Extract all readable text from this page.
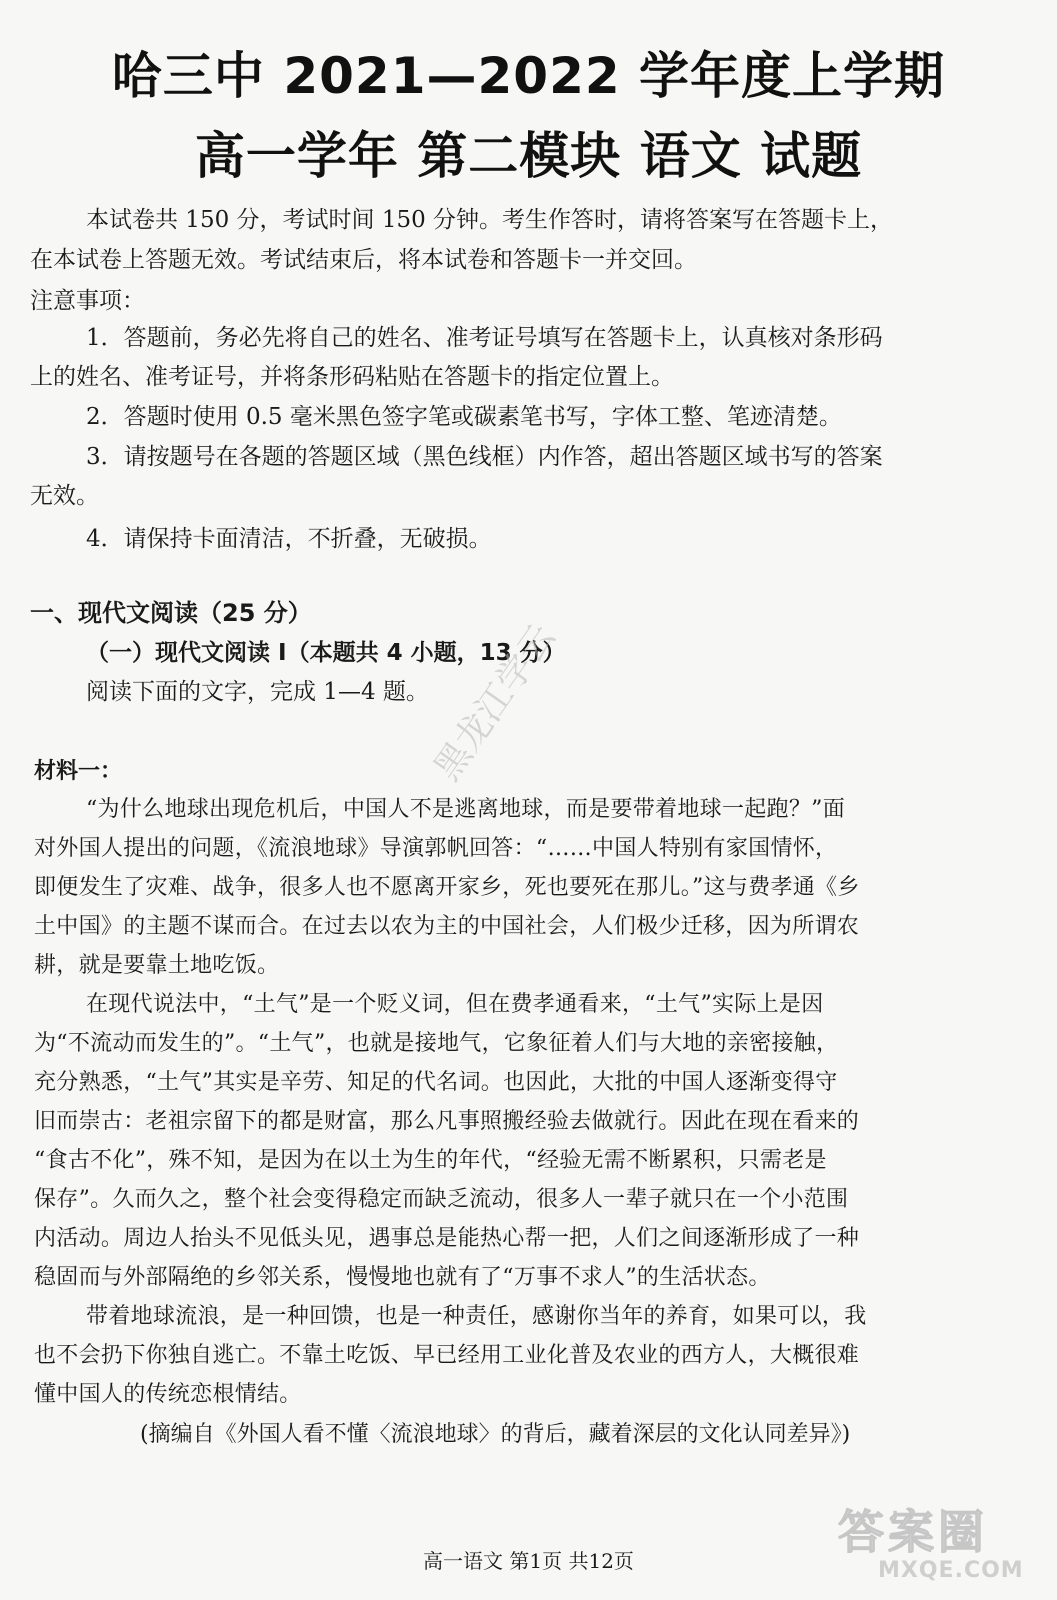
哈三中 2021—2022 学年度上学期
高一学年 第二模块 语文 试题
本试卷共 150 分，考试时间 150 分钟。考生作答时，请将答案写在答题卡上，
在本试卷上答题无效。考试结束后，将本试卷和答题卡一并交回。
注意事项：
1．答题前，务必先将自己的姓名、准考证号填写在答题卡上，认真核对条形码
上的姓名、准考证号，并将条形码粘贴在答题卡的指定位置上。
2．答题时使用 0.5 毫米黑色签字笔或碳素笔书写，字体工整、笔迹清楚。
3．请按题号在各题的答题区域（黑色线框）内作答，超出答题区域书写的答案
无效。
4．请保持卡面清洁，不折叠，无破损。
一、现代文阅读（25 分）
（一）现代文阅读 I（本题共 4 小题，13 分）
阅读下面的文字，完成 1—4 题。
材料一：
“为什么地球出现危机后，中国人不是逃离地球，而是要带着地球一起跑？”面
对外国人提出的问题，《流浪地球》导演郭帆回答：“……中国人特别有家国情怀，
即便发生了灾难、战争，很多人也不愿离开家乡，死也要死在那儿。”这与费孝通《乡
土中国》的主题不谋而合。在过去以农为主的中国社会，人们极少迁移，因为所谓农
耕，就是要靠土地吃饭。
在现代说法中，“土气”是一个贬义词，但在费孝通看来，“土气”实际上是因
为“不流动而发生的”。“土气”，也就是接地气，它象征着人们与大地的亲密接触，
充分熟悉，“土气”其实是辛劳、知足的代名词。也因此，大批的中国人逐渐变得守
旧而崇古：老祖宗留下的都是财富，那么凡事照搬经验去做就行。因此在现在看来的
“食古不化”，殊不知，是因为在以土为生的年代，“经验无需不断累积，只需老是
保存”。久而久之，整个社会变得稳定而缺乏流动，很多人一辈子就只在一个小范围
内活动。周边人抬头不见低头见，遇事总是能热心帮一把，人们之间逐渐形成了一种
稳固而与外部隔绝的乡邻关系，慢慢地也就有了“万事不求人”的生活状态。
带着地球流浪，是一种回馈，也是一种责任，感谢你当年的养育，如果可以，我
也不会扔下你独自逃亡。不靠土吃饭、早已经用工业化普及农业的西方人，大概很难
懂中国人的传统恋根情结。
(摘编自《外国人看不懂〈流浪地球〉的背后，藏着深层的文化认同差异》)
黑龙江学云
答案圈
MXQE.COM
高一语文 第1页 共12页
